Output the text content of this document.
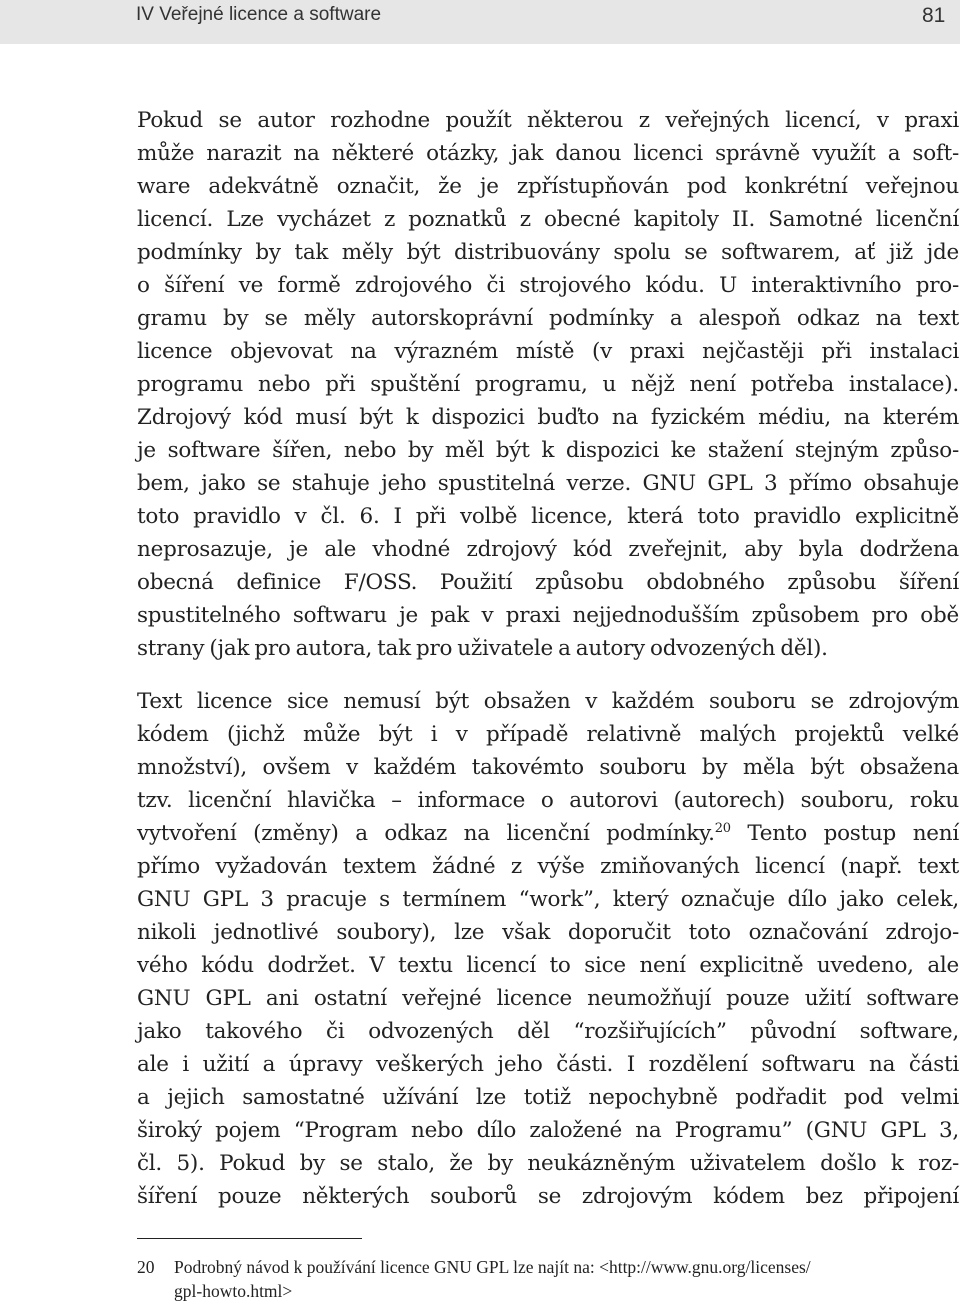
IV Veřejné licence a software	81
Pokud se autor rozhodne použít některou z veřejných licencí, v praxi
může narazit na některé otázky, jak danou licenci správně využít a soft-
ware adekvátně označit, že je zpřístupňován pod konkrétní veřejnou
licencí. Lze vycházet z poznatků z obecné kapitoly II. Samotné licenční
podmínky by tak měly být distribuovány spolu se softwarem, ať již jde
o šíření ve formě zdrojového či strojového kódu. U interaktivního pro-
gramu by se měly autorskoprávní podmínky a alespoň odkaz na text
licence objevovat na výrazném místě (v praxi nejčastěji při instalaci
programu nebo při spuštění programu, u nějž není potřeba instalace).
Zdrojový kód musí být k dispozici buďto na fyzickém médiu, na kterém
je software šířen, nebo by měl být k dispozici ke stažení stejným způso-
bem, jako se stahuje jeho spustitelná verze. GNU GPL 3 přímo obsahuje
toto pravidlo v čl. 6. I při volbě licence, která toto pravidlo explicitně
neprosazuje, je ale vhodné zdrojový kód zveřejnit, aby byla dodržena
obecná definice F/OSS. Použití způsobu obdobného způsobu šíření
spustitelného softwaru je pak v praxi nejjednodušším způsobem pro obě
strany (jak pro autora, tak pro uživatele a autory odvozených děl).
Text licence sice nemusí být obsažen v každém souboru se zdrojovým
kódem (jichž může být i v případě relativně malých projektů velké
množství), ovšem v každém takovémto souboru by měla být obsažena
tzv. licenční hlavička – informace o autorovi (autorech) souboru, roku
vytvoření (změny) a odkaz na licenční podmínky.$^{20}$ Tento postup není
přímo vyžadován textem žádné z výše zmiňovaných licencí (např. text
GNU GPL 3 pracuje s termínem “work”, který označuje dílo jako celek,
nikoli jednotlivé soubory), lze však doporučit toto označování zdrojo-
vého kódu dodržet. V textu licencí to sice není explicitně uvedeno, ale
GNU GPL ani ostatní veřejné licence neumožňují pouze užití software
jako takového či odvozených děl “rozšiřujících” původní software,
ale i užití a úpravy veškerých jeho části. I rozdělení softwaru na části
a jejich samostatné užívání lze totiž nepochybně podřadit pod velmi
široký pojem “Program nebo dílo založené na Programu” (GNU GPL 3,
čl. 5). Pokud by se stalo, že by neukázněným uživatelem došlo k roz-
šíření pouze některých souborů se zdrojovým kódem bez připojení
20 Podrobný návod k používání licence GNU GPL lze najít na: <http://www.gnu.org/licenses/
gpl-howto.html>
